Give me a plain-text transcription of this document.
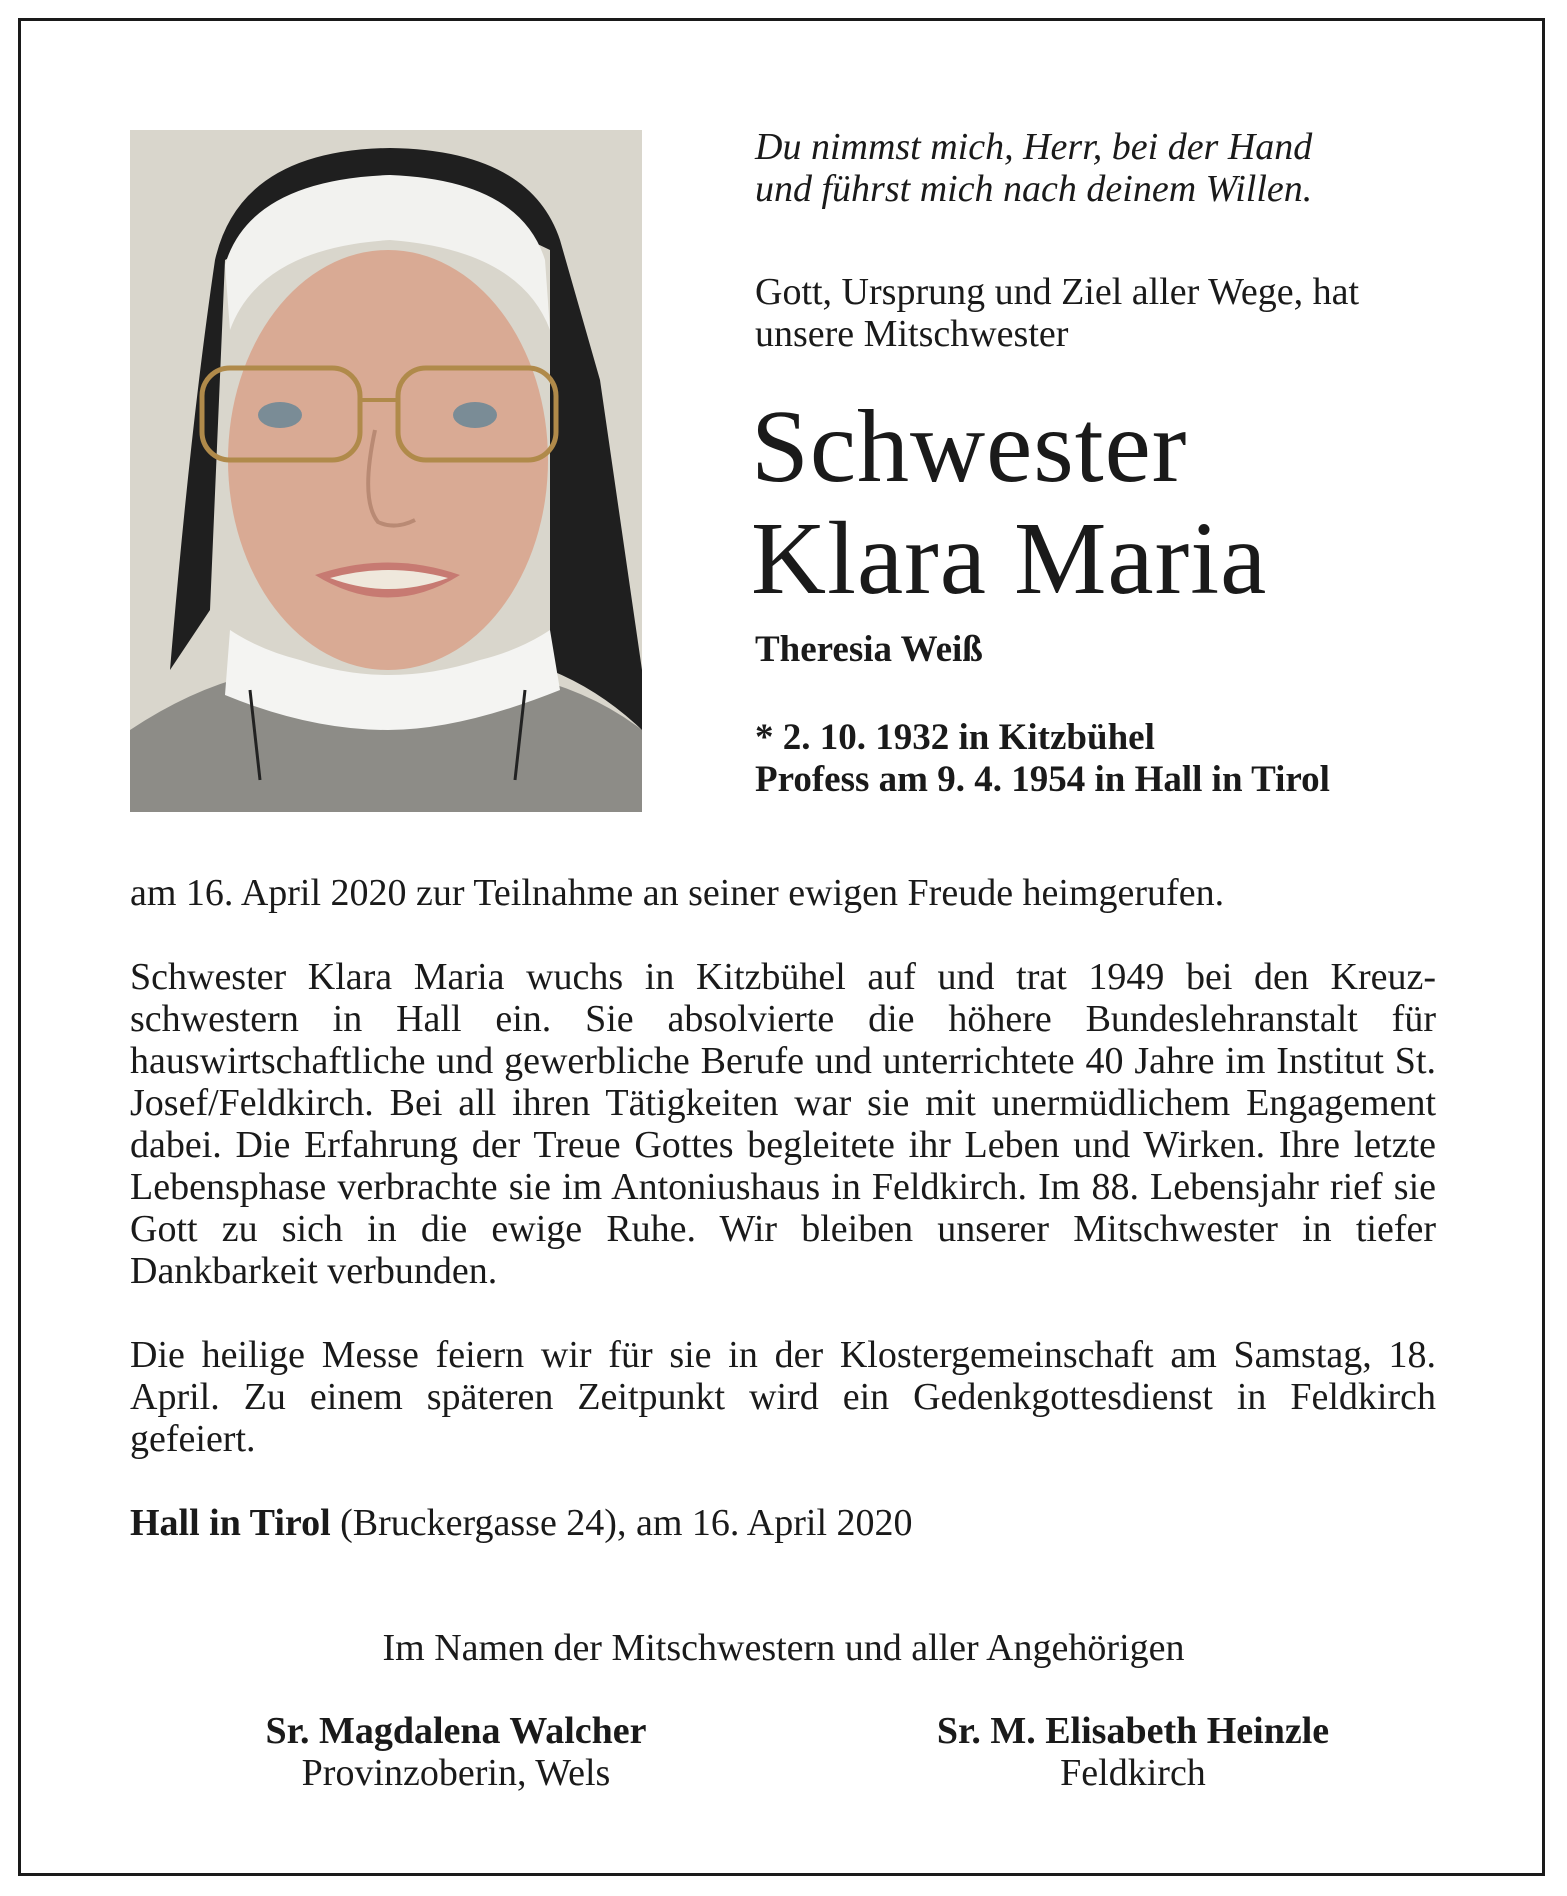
Du nimmst mich, Herr, bei der Hand
und führst mich nach deinem Willen.
Gott, Ursprung und Ziel aller Wege, hat
unsere Mitschwester
Schwester
Klara Maria
Theresia Weiß
* 2. 10. 1932 in Kitzbühel
Profess am 9. 4. 1954 in Hall in Tirol
am 16. April 2020 zur Teilnahme an seiner ewigen Freude heimgerufen.
Schwester Klara Maria wuchs in Kitzbühel auf und trat 1949 bei den Kreuzschwestern in Hall ein. Sie absolvierte die höhere Bundeslehranstalt für hauswirtschaftliche und gewerbliche Berufe und unterrichtete 40 Jahre im Institut St. Josef/Feldkirch. Bei all ihren Tätigkeiten war sie mit unermüdlichem Engagement dabei. Die Erfahrung der Treue Gottes begleitete ihr Leben und Wirken. Ihre letzte Lebensphase verbrachte sie im Antoniushaus in Feldkirch. Im 88. Lebensjahr rief sie Gott zu sich in die ewige Ruhe. Wir bleiben unserer Mitschwester in tiefer Dankbarkeit verbunden.
Die heilige Messe feiern wir für sie in der Klostergemeinschaft am Samstag, 18. April. Zu einem späteren Zeitpunkt wird ein Gedenkgottesdienst in Feldkirch gefeiert.
Hall in Tirol (Bruckergasse 24), am 16. April 2020
Im Namen der Mitschwestern und aller Angehörigen
Sr. Magdalena Walcher
Provinzoberin, Wels
Sr. M. Elisabeth Heinzle
Feldkirch
